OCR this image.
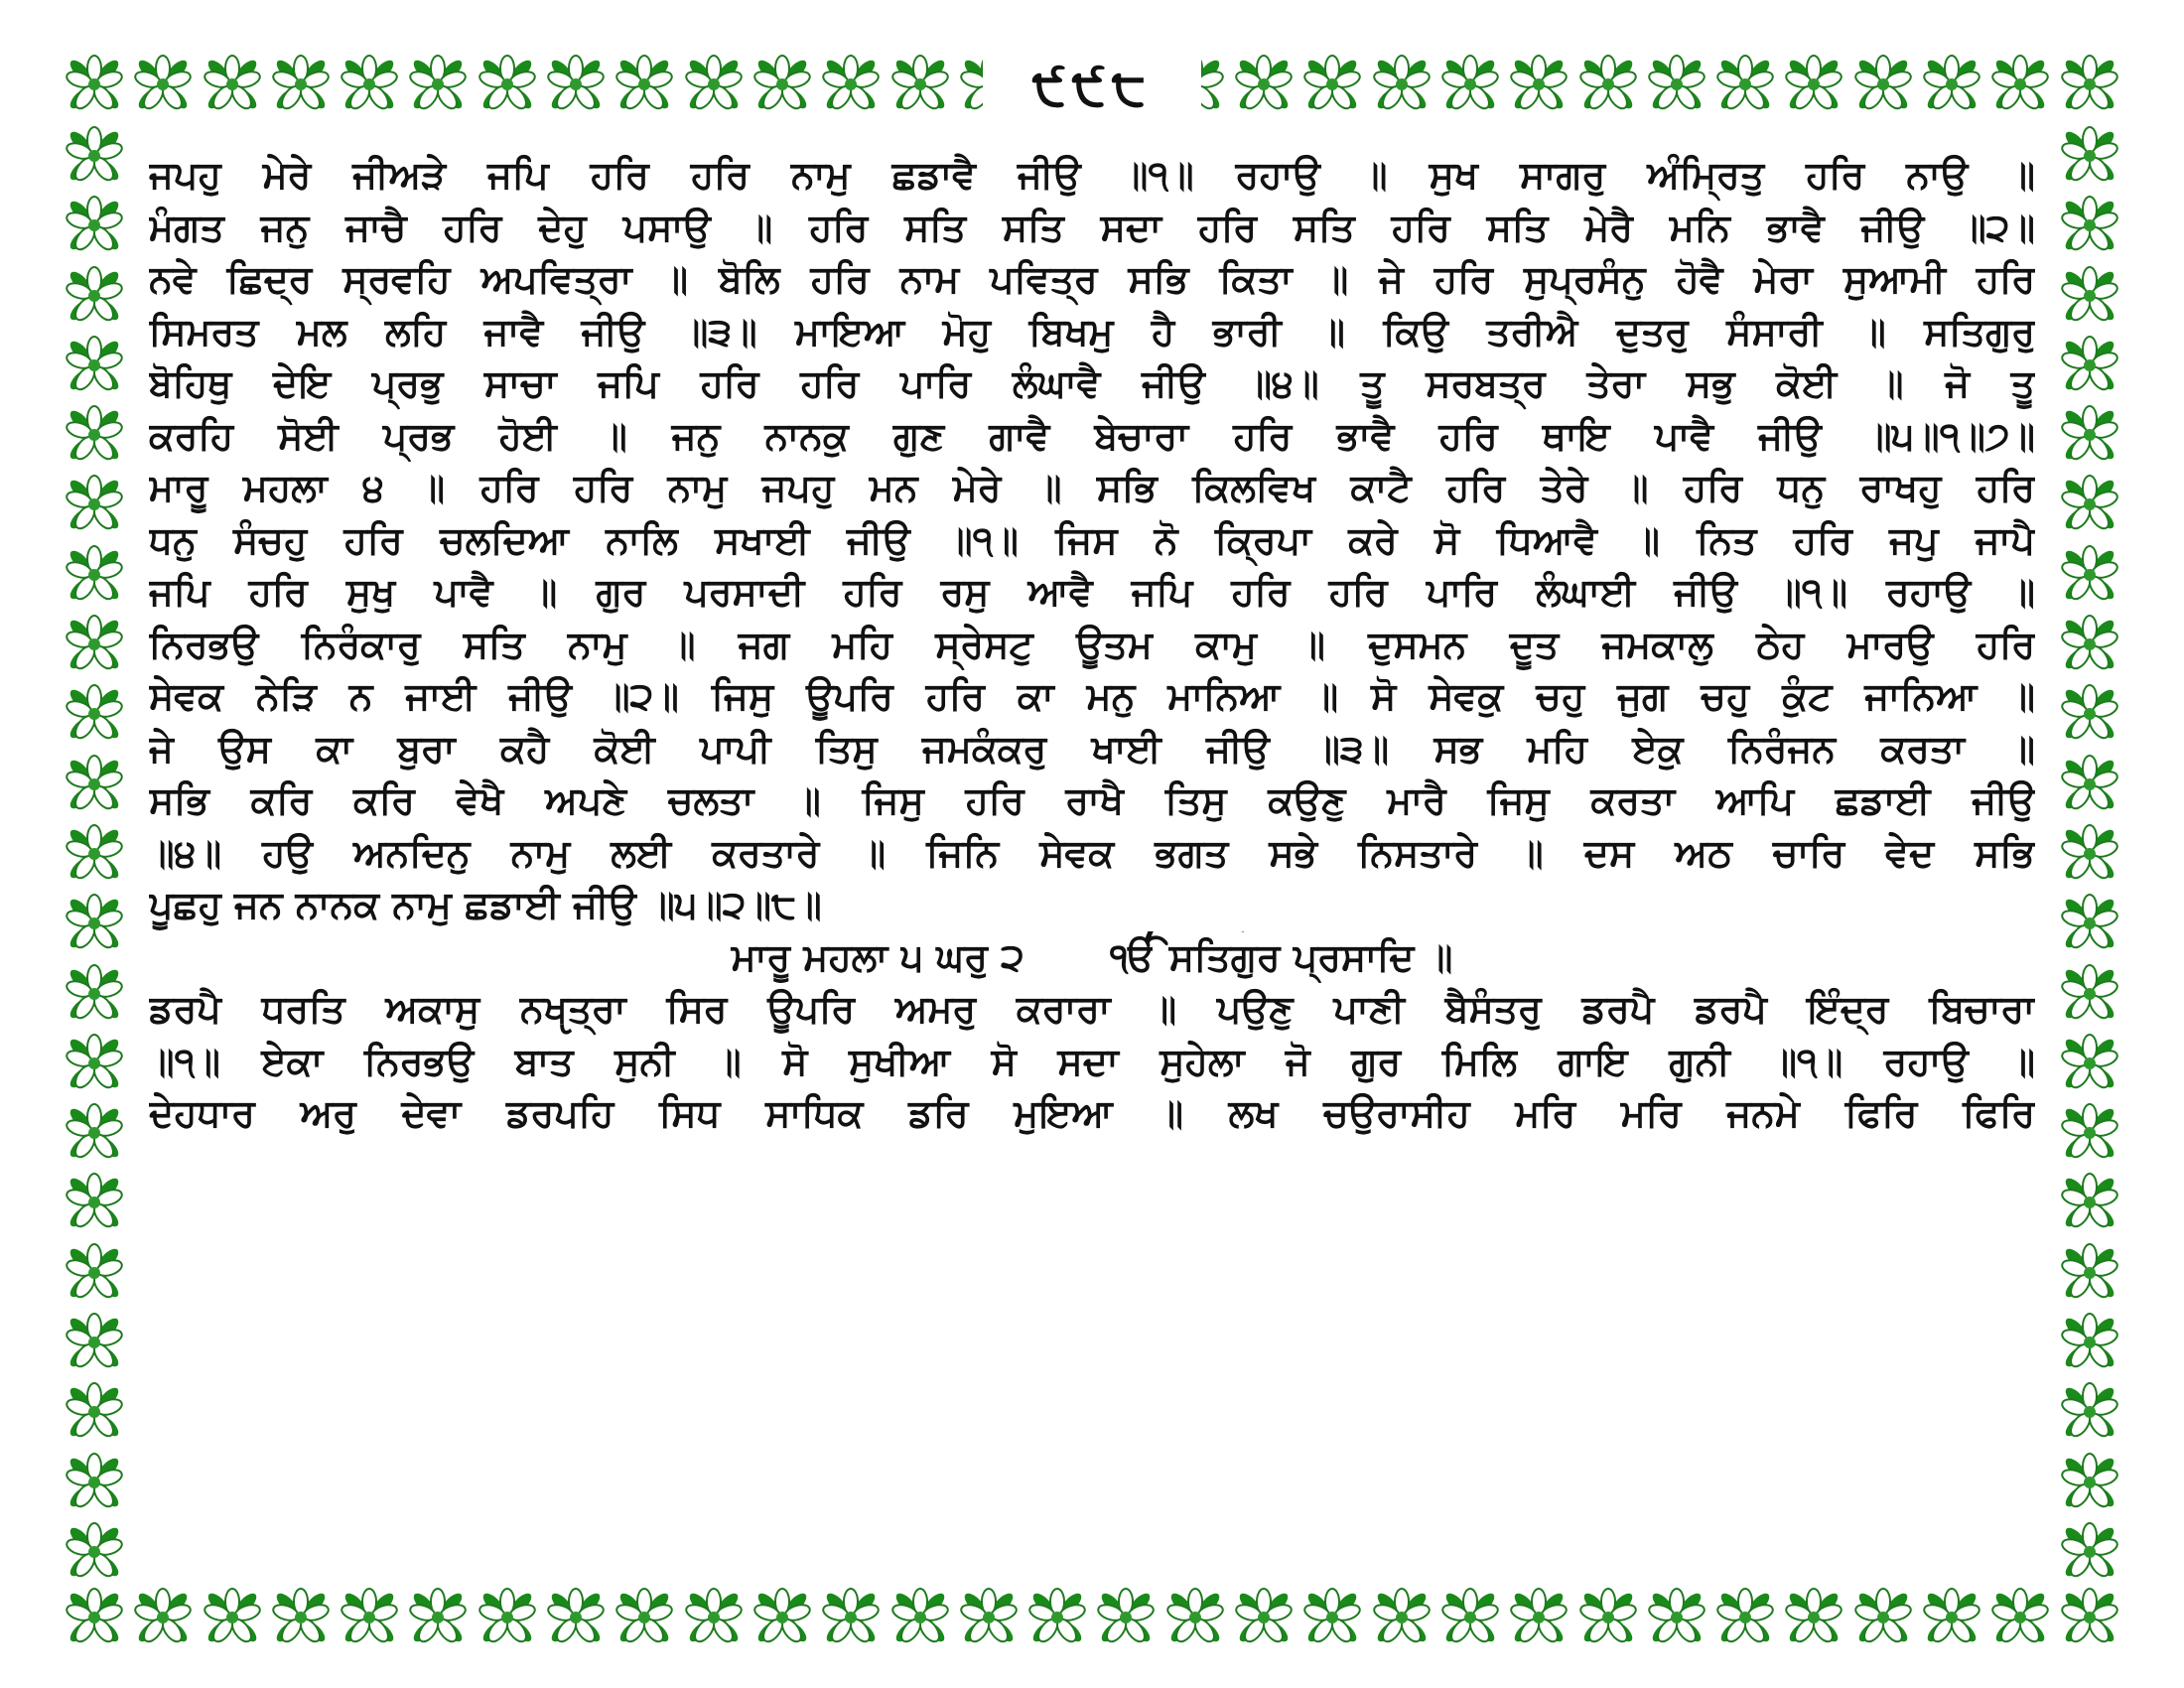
੯੯੮
ਜਪਹੁ ਮੇਰੇ ਜੀਅੜੇ ਜਪਿ ਹਰਿ ਹਰਿ ਨਾਮੁ ਛਡਾਵੈ ਜੀਉ ॥੧॥ ਰਹਾਉ ॥ ਸੁਖ ਸਾਗਰੁ ਅੰਮ੍ਰਿਤੁ ਹਰਿ ਨਾਉ ॥
ਮੰਗਤ ਜਨੁ ਜਾਚੈ ਹਰਿ ਦੇਹੁ ਪਸਾਉ ॥ ਹਰਿ ਸਤਿ ਸਤਿ ਸਦਾ ਹਰਿ ਸਤਿ ਹਰਿ ਸਤਿ ਮੇਰੈ ਮਨਿ ਭਾਵੈ ਜੀਉ ॥੨॥
ਨਵੇ ਛਿਦ੍ਰ ਸ੍ਰਵਹਿ ਅਪਵਿਤ੍ਰਾ ॥ ਬੋਲਿ ਹਰਿ ਨਾਮ ਪਵਿਤ੍ਰ ਸਭਿ ਕਿਤਾ ॥ ਜੇ ਹਰਿ ਸੁਪ੍ਰਸੰਨੁ ਹੋਵੈ ਮੇਰਾ ਸੁਆਮੀ ਹਰਿ
ਸਿਮਰਤ ਮਲ ਲਹਿ ਜਾਵੈ ਜੀਉ ॥੩॥ ਮਾਇਆ ਮੋਹੁ ਬਿਖਮੁ ਹੈ ਭਾਰੀ ॥ ਕਿਉ ਤਰੀਐ ਦੁਤਰੁ ਸੰਸਾਰੀ ॥ ਸਤਿਗੁਰੁ
ਬੋਹਿਥੁ ਦੇਇ ਪ੍ਰਭੁ ਸਾਚਾ ਜਪਿ ਹਰਿ ਹਰਿ ਪਾਰਿ ਲੰਘਾਵੈ ਜੀਉ ॥੪॥ ਤੂ ਸਰਬਤ੍ਰ ਤੇਰਾ ਸਭੁ ਕੋਈ ॥ ਜੋ ਤੂ
ਕਰਹਿ ਸੋਈ ਪ੍ਰਭ ਹੋਈ ॥ ਜਨੁ ਨਾਨਕੁ ਗੁਣ ਗਾਵੈ ਬੇਚਾਰਾ ਹਰਿ ਭਾਵੈ ਹਰਿ ਥਾਇ ਪਾਵੈ ਜੀਉ ॥੫॥੧॥੭॥
ਮਾਰੂ ਮਹਲਾ ੪ ॥ ਹਰਿ ਹਰਿ ਨਾਮੁ ਜਪਹੁ ਮਨ ਮੇਰੇ ॥ ਸਭਿ ਕਿਲਵਿਖ ਕਾਟੈ ਹਰਿ ਤੇਰੇ ॥ ਹਰਿ ਧਨੁ ਰਾਖਹੁ ਹਰਿ
ਧਨੁ ਸੰਚਹੁ ਹਰਿ ਚਲਦਿਆ ਨਾਲਿ ਸਖਾਈ ਜੀਉ ॥੧॥ ਜਿਸ ਨੋ ਕ੍ਰਿਪਾ ਕਰੇ ਸੋ ਧਿਆਵੈ ॥ ਨਿਤ ਹਰਿ ਜਪੁ ਜਾਪੈ
ਜਪਿ ਹਰਿ ਸੁਖੁ ਪਾਵੈ ॥ ਗੁਰ ਪਰਸਾਦੀ ਹਰਿ ਰਸੁ ਆਵੈ ਜਪਿ ਹਰਿ ਹਰਿ ਪਾਰਿ ਲੰਘਾਈ ਜੀਉ ॥੧॥ ਰਹਾਉ ॥
ਨਿਰਭਉ ਨਿਰੰਕਾਰੁ ਸਤਿ ਨਾਮੁ ॥ ਜਗ ਮਹਿ ਸ੍ਰੇਸਟੁ ਊਤਮ ਕਾਮੁ ॥ ਦੁਸਮਨ ਦੂਤ ਜਮਕਾਲੁ ਠੇਹ ਮਾਰਉ ਹਰਿ
ਸੇਵਕ ਨੇੜਿ ਨ ਜਾਈ ਜੀਉ ॥੨॥ ਜਿਸੁ ਊਪਰਿ ਹਰਿ ਕਾ ਮਨੁ ਮਾਨਿਆ ॥ ਸੋ ਸੇਵਕੁ ਚਹੁ ਜੁਗ ਚਹੁ ਕੁੰਟ ਜਾਨਿਆ ॥
ਜੇ ਉਸ ਕਾ ਬੁਰਾ ਕਹੈ ਕੋਈ ਪਾਪੀ ਤਿਸੁ ਜਮਕੰਕਰੁ ਖਾਈ ਜੀਉ ॥੩॥ ਸਭ ਮਹਿ ਏਕੁ ਨਿਰੰਜਨ ਕਰਤਾ ॥
ਸਭਿ ਕਰਿ ਕਰਿ ਵੇਖੈ ਅਪਣੇ ਚਲਤਾ ॥ ਜਿਸੁ ਹਰਿ ਰਾਖੈ ਤਿਸੁ ਕਉਣੁ ਮਾਰੈ ਜਿਸੁ ਕਰਤਾ ਆਪਿ ਛਡਾਈ ਜੀਉ
॥੪॥ ਹਉ ਅਨਦਿਨੁ ਨਾਮੁ ਲਈ ਕਰਤਾਰੇ ॥ ਜਿਨਿ ਸੇਵਕ ਭਗਤ ਸਭੇ ਨਿਸਤਾਰੇ ॥ ਦਸ ਅਠ ਚਾਰਿ ਵੇਦ ਸਭਿ
ਪੂਛਹੁ ਜਨ ਨਾਨਕ ਨਾਮੁ ਛਡਾਈ ਜੀਉ ॥੫॥੨॥੮॥
ਮਾਰੂ ਮਹਲਾ ੫ ਘਰੁ ੨ ੴ ਸਤਿਗੁਰ ਪ੍ਰਸਾਦਿ ॥
ਡਰਪੈ ਧਰਤਿ ਅਕਾਸੁ ਨਖੵਤ੍ਰਾ ਸਿਰ ਊਪਰਿ ਅਮਰੁ ਕਰਾਰਾ ॥ ਪਉਣੁ ਪਾਣੀ ਬੈਸੰਤਰੁ ਡਰਪੈ ਡਰਪੈ ਇੰਦ੍ਰ ਬਿਚਾਰਾ
॥੧॥ ਏਕਾ ਨਿਰਭਉ ਬਾਤ ਸੁਨੀ ॥ ਸੋ ਸੁਖੀਆ ਸੋ ਸਦਾ ਸੁਹੇਲਾ ਜੋ ਗੁਰ ਮਿਲਿ ਗਾਇ ਗੁਨੀ ॥੧॥ ਰਹਾਉ ॥
ਦੇਹਧਾਰ ਅਰੁ ਦੇਵਾ ਡਰਪਹਿ ਸਿਧ ਸਾਧਿਕ ਡਰਿ ਮੁਇਆ ॥ ਲਖ ਚਉਰਾਸੀਹ ਮਰਿ ਮਰਿ ਜਨਮੇ ਫਿਰਿ ਫਿਰਿ
